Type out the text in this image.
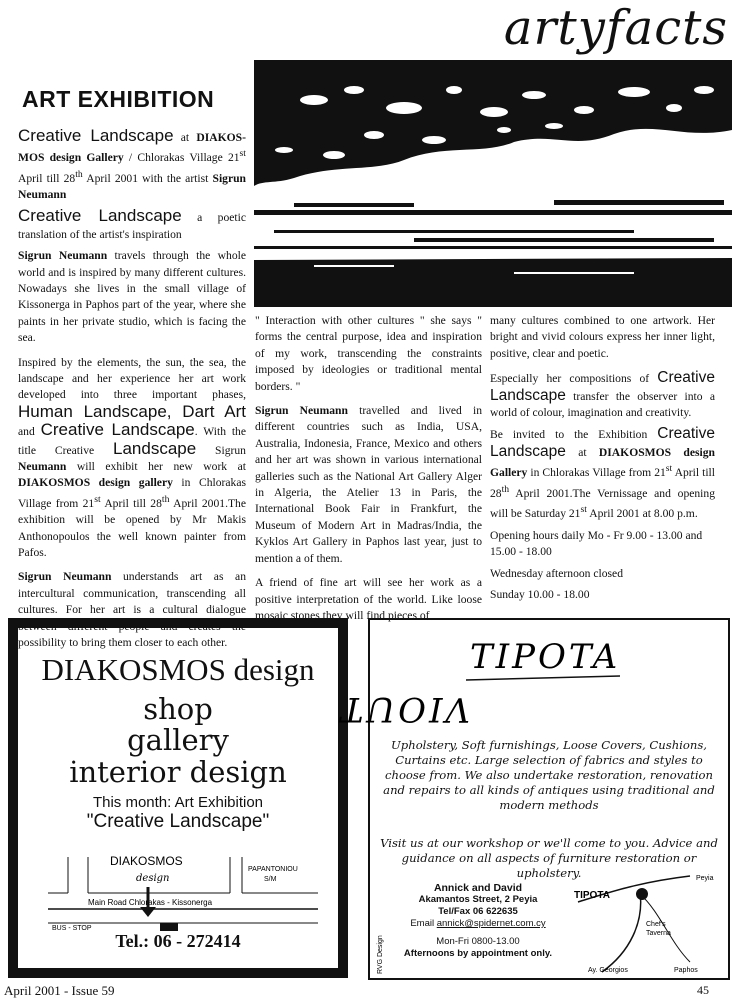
artyfacts
ART EXHIBITION

Creative Landscape at DIAKOS-MOS design Gallery / Chlorakas Village 21st April till 28th April 2001 with the artist Sigrun Neumann

Creative Landscape a poetic translation of the artist's inspiration

Sigrun Neumann travels through the whole world and is inspired by many different cultures. Nowadays she lives in the small village of Kissonerga in Paphos part of the year, where she paints in her private studio, which is facing the sea.

Inspired by the elements, the sun, the sea, the landscape and her experience her art work developed into three important phases, Human Landscape, Dart Art and Creative Landscape. With the title Creative Landscape Sigrun Neumann will exhibit her new work at DIAKOSMOS design gallery in Chlorakas Village from 21st April till 28th April 2001.The exhibition will be opened by Mr Makis Anthonopoulos the well known painter from Pafos.

Sigrun Neumann understands art as an intercultural communication, transcending all cultures. For her art is a cultural dialogue between different people and creates the possibility to bring them closer to each other.

" Interaction with other cultures " she says " forms the central purpose, idea and inspiration of my work, transcending the constraints imposed by ideologies or traditional mental borders. "

Sigrun Neumann travelled and lived in different countries such as India, USA, Australia, Indonesia, France, Mexico and others and her art was shown in various international galleries such as the National Art Gallery Alger in Algeria, the Atelier 13 in Paris, the International Book Fair in Frankfurt, the Museum of Modern Art in Madras/India, the Kyklos Art Gallery in Paphos last year, just to mention a of them.

A friend of fine art will see her work as a positive interpretation of the world. Like loose mosaic stones they will find pieces of

many cultures combined to one artwork. Her bright and vivid colours express her inner light, positive, clear and poetic.

Especially her compositions of Creative Landscape transfer the observer into a world of colour, imagination and creativity.

Be invited to the Exhibition Creative Landscape at DIAKOSMOS design Gallery in Chlorakas Village from 21st April till 28th April 2001.The Vernissage and opening will be Saturday 21st April 2001 at 8.00 p.m.

Opening hours daily Mo - Fr 9.00 - 13.00 and 15.00 - 18.00

Wednesday afternoon closed

Sunday 10.00 - 18.00

DIAKOSMOS design
shop
gallery
interior design
This month: Art Exhibition
"Creative Landscape"
DIAKOSMOS
design
PAPANTONIOU
S/M
Main Road Chlorakas - Kissonerga
BUS - STOP
Tel.: 06 - 272414
TIPOTA
VIOUT
Upholstery, Soft furnishings, Loose Covers, Cushions, Curtains etc. Large selection of fabrics and styles to choose from. We also undertake restoration, renovation and repairs to all kinds of antiques using traditional and modern methods
Visit us at our workshop or we'll come to you. Advice and guidance on all aspects of furniture restoration or upholstery.
Annick and David
Akamantos Street, 2 Peyia
Tel/Fax 06 622635
Email annick@spidernet.com.cy
Mon-Fri 0800-13.00
Afternoons by appointment only.
RVG Design
TIPOTA
Peyia
Chef's
Taverna
Ay. Georgios	Paphos
April 2001 - Issue 59	45
